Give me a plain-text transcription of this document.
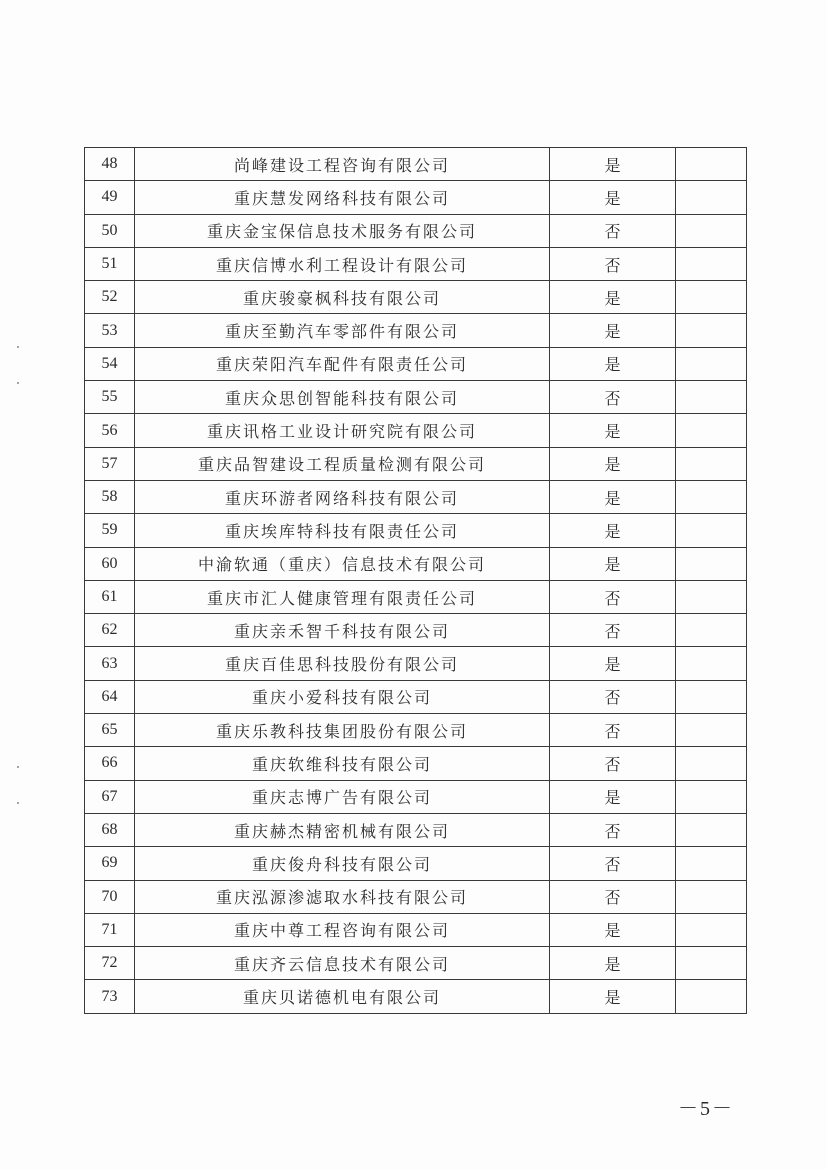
48	尚峰建设工程咨询有限公司	是	
49	重庆慧发网络科技有限公司	是	
50	重庆金宝保信息技术服务有限公司	否	
51	重庆信博水利工程设计有限公司	否	
52	重庆骏豪枫科技有限公司	是	
53	重庆至勤汽车零部件有限公司	是	
54	重庆荣阳汽车配件有限责任公司	是	
55	重庆众思创智能科技有限公司	否	
56	重庆讯格工业设计研究院有限公司	是	
57	重庆品智建设工程质量检测有限公司	是	
58	重庆环游者网络科技有限公司	是	
59	重庆埃库特科技有限责任公司	是	
60	中渝软通（重庆）信息技术有限公司	是	
61	重庆市汇人健康管理有限责任公司	否	
62	重庆亲禾智千科技有限公司	否	
63	重庆百佳思科技股份有限公司	是	
64	重庆小爱科技有限公司	否	
65	重庆乐教科技集团股份有限公司	否	
66	重庆软维科技有限公司	否	
67	重庆志博广告有限公司	是	
68	重庆赫杰精密机械有限公司	否	
69	重庆俊舟科技有限公司	否	
70	重庆泓源渗滤取水科技有限公司	否	
71	重庆中尊工程咨询有限公司	是	
72	重庆齐云信息技术有限公司	是	
73	重庆贝诺德机电有限公司	是	
－5－
